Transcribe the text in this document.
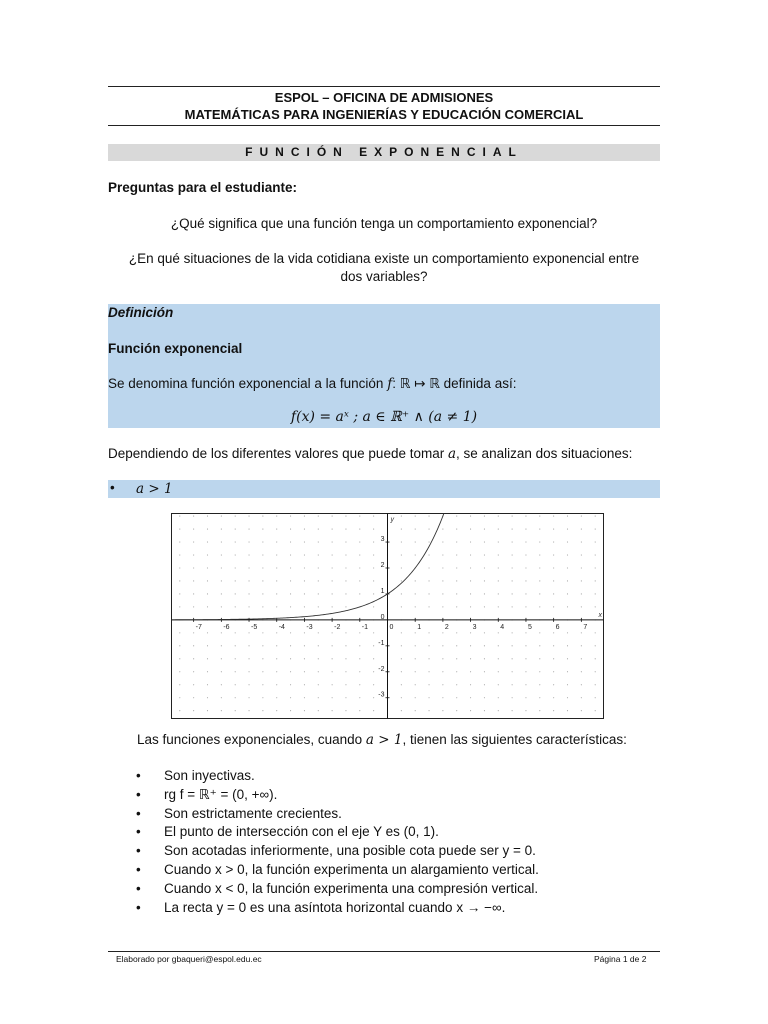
ESPOL – OFICINA DE ADMISIONES
MATEMÁTICAS PARA INGENIERÍAS Y EDUCACIÓN COMERCIAL
FUNCIÓN EXPONENCIAL
Preguntas para el estudiante:
¿Qué significa que una función tenga un comportamiento exponencial?
¿En qué situaciones de la vida cotidiana existe un comportamiento exponencial entre
dos variables?
Definición
Función exponencial
Se denomina función exponencial a la función f: ℝ ↦ ℝ definida así:
f(x) = aˣ ; a ∈ ℝ⁺ ∧ (a ≠ 1)
Dependiendo de los diferentes valores que puede tomar a, se analizan dos situaciones:
• a > 1
-7	-6	-5	-4	-3	-2	-1	0	1	2	3	4	5	6	7
3
2
1
0
-1
-2
-3
x
y
Las funciones exponenciales, cuando a > 1, tienen las siguientes características:
• Son inyectivas.
• rg f = ℝ⁺ = (0, +∞).
• Son estrictamente crecientes.
• El punto de intersección con el eje Y es (0, 1).
• Son acotadas inferiormente, una posible cota puede ser y = 0.
• Cuando x > 0, la función experimenta un alargamiento vertical.
• Cuando x < 0, la función experimenta una compresión vertical.
• La recta y = 0 es una asíntota horizontal cuando x → −∞.
Elaborado por gbaqueri@espol.edu.ec	Página 1 de 2
